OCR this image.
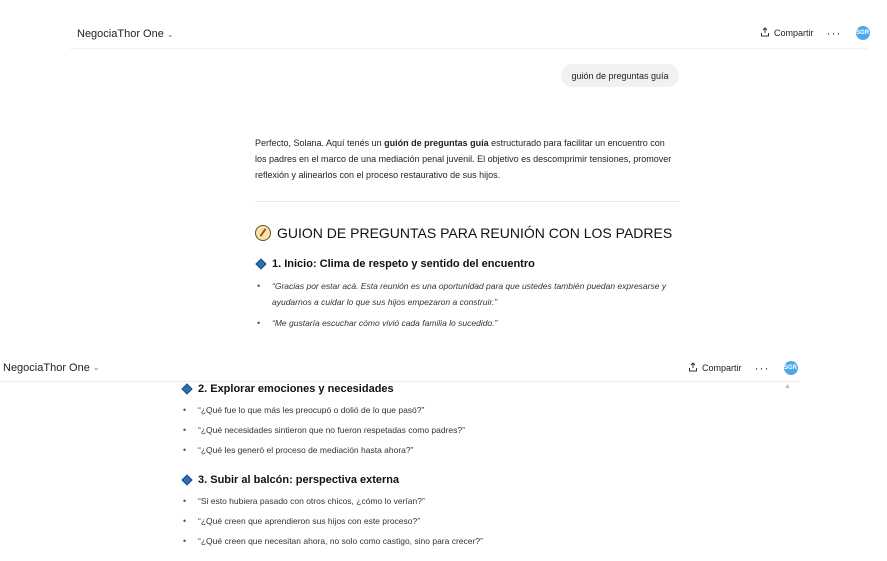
NegociaThor One ⌄	Compartir ··· SGR
guión de preguntas guía

Perfecto, Solana. Aquí tenés un guión de preguntas guía estructurado para facilitar un encuentro con los padres en el marco de una mediación penal juvenil. El objetivo es descomprimir tensiones, promover reflexión y alinearlos con el proceso restaurativo de sus hijos.

GUION DE PREGUNTAS PARA REUNIÓN CON LOS PADRES
1. Inicio: Clima de respeto y sentido del encuentro
• “Gracias por estar acá. Esta reunión es una oportunidad para que ustedes también puedan expresarse y ayudarnos a cuidar lo que sus hijos empezaron a construir.”
• “Me gustaría escuchar cómo vivió cada familia lo sucedido.”
NegociaThor One ⌄	Compartir ··· SGR
▲
2. Explorar emociones y necesidades
• “¿Qué fue lo que más les preocupó o dolió de lo que pasó?”
• “¿Qué necesidades sintieron que no fueron respetadas como padres?”
• “¿Qué les generó el proceso de mediación hasta ahora?”
3. Subir al balcón: perspectiva externa
• “Si esto hubiera pasado con otros chicos, ¿cómo lo verían?”
• “¿Qué creen que aprendieron sus hijos con este proceso?”
• “¿Qué creen que necesitan ahora, no solo como castigo, sino para crecer?”
